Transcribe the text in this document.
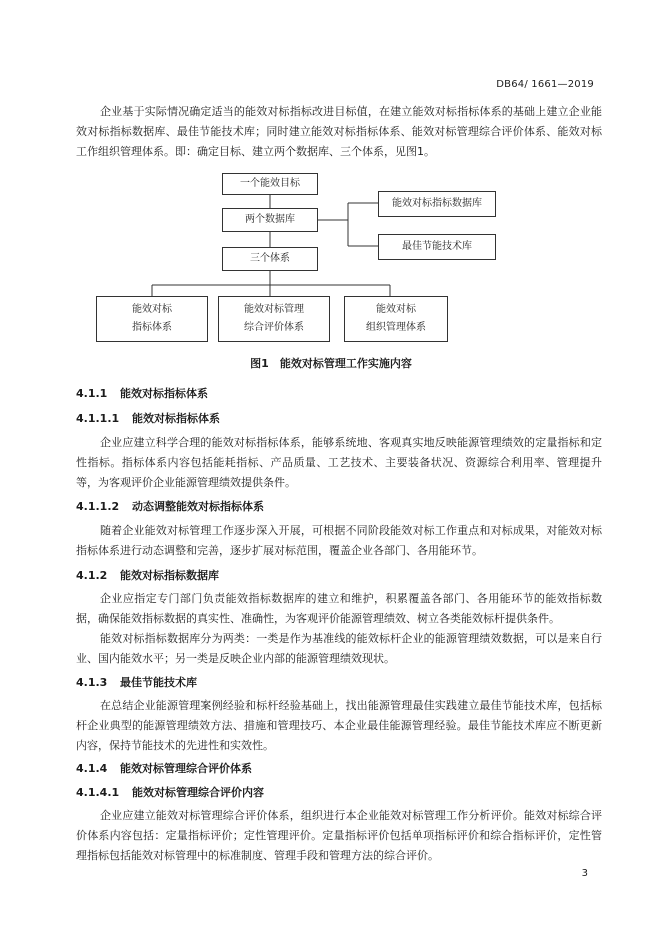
DB64/ 1661—2019

企业基于实际情况确定适当的能效对标指标改进目标值，在建立能效对标指标体系的基础上建立企业能效对标指标数据库、最佳节能技术库；同时建立能效对标指标体系、能效对标管理综合评价体系、能效对标工作组织管理体系。即：确定目标、建立两个数据库、三个体系，见图1。

一个能效目标
两个数据库
三个体系
能效对标指标数据库
最佳节能技术库
能效对标
指标体系
能效对标管理
综合评价体系
能效对标
组织管理体系
图1　能效对标管理工作实施内容
4.1.1 能效对标指标体系
4.1.1.1 能效对标指标体系

企业应建立科学合理的能效对标指标体系，能够系统地、客观真实地反映能源管理绩效的定量指标和定性指标。指标体系内容包括能耗指标、产品质量、工艺技术、主要装备状况、资源综合利用率、管理提升等，为客观评价企业能源管理绩效提供条件。

4.1.1.2 动态调整能效对标指标体系

随着企业能效对标管理工作逐步深入开展，可根据不同阶段能效对标工作重点和对标成果，对能效对标指标体系进行动态调整和完善，逐步扩展对标范围，覆盖企业各部门、各用能环节。

4.1.2 能效对标指标数据库

企业应指定专门部门负责能效指标数据库的建立和维护，积累覆盖各部门、各用能环节的能效指标数据，确保能效指标数据的真实性、准确性，为客观评价能源管理绩效、树立各类能效标杆提供条件。

能效对标指标数据库分为两类：一类是作为基准线的能效标杆企业的能源管理绩效数据，可以是来自行业、国内能效水平；另一类是反映企业内部的能源管理绩效现状。

4.1.3 最佳节能技术库

在总结企业能源管理案例经验和标杆经验基础上，找出能源管理最佳实践建立最佳节能技术库，包括标杆企业典型的能源管理绩效方法、措施和管理技巧、本企业最佳能源管理经验。最佳节能技术库应不断更新内容，保持节能技术的先进性和实效性。

4.1.4 能效对标管理综合评价体系
4.1.4.1 能效对标管理综合评价内容

企业应建立能效对标管理综合评价体系，组织进行本企业能效对标管理工作分析评价。能效对标综合评价体系内容包括：定量指标评价；定性管理评价。定量指标评价包括单项指标评价和综合指标评价，定性管理指标包括能效对标管理中的标准制度、管理手段和管理方法的综合评价。

3
